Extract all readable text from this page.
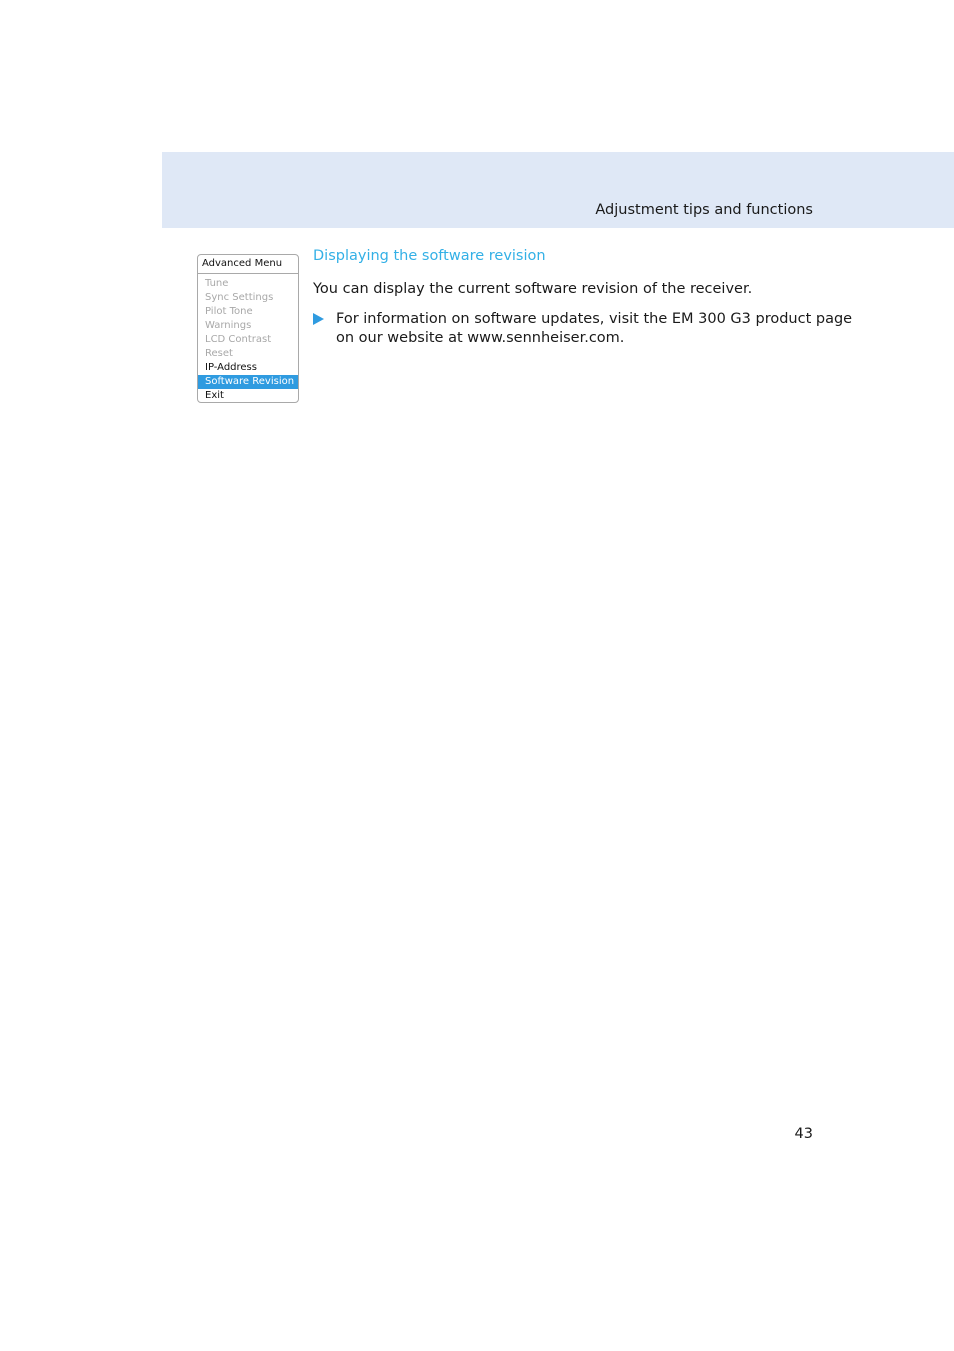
Adjustment tips and functions
Advanced Menu
Tune
Sync Settings
Pilot Tone
Warnings
LCD Contrast
Reset
IP-Address
Software Revision
Exit
Displaying the software revision
You can display the current software revision of the receiver.
For information on software updates, visit the EM 300 G3 product page
on our website at www.sennheiser.com.
43
